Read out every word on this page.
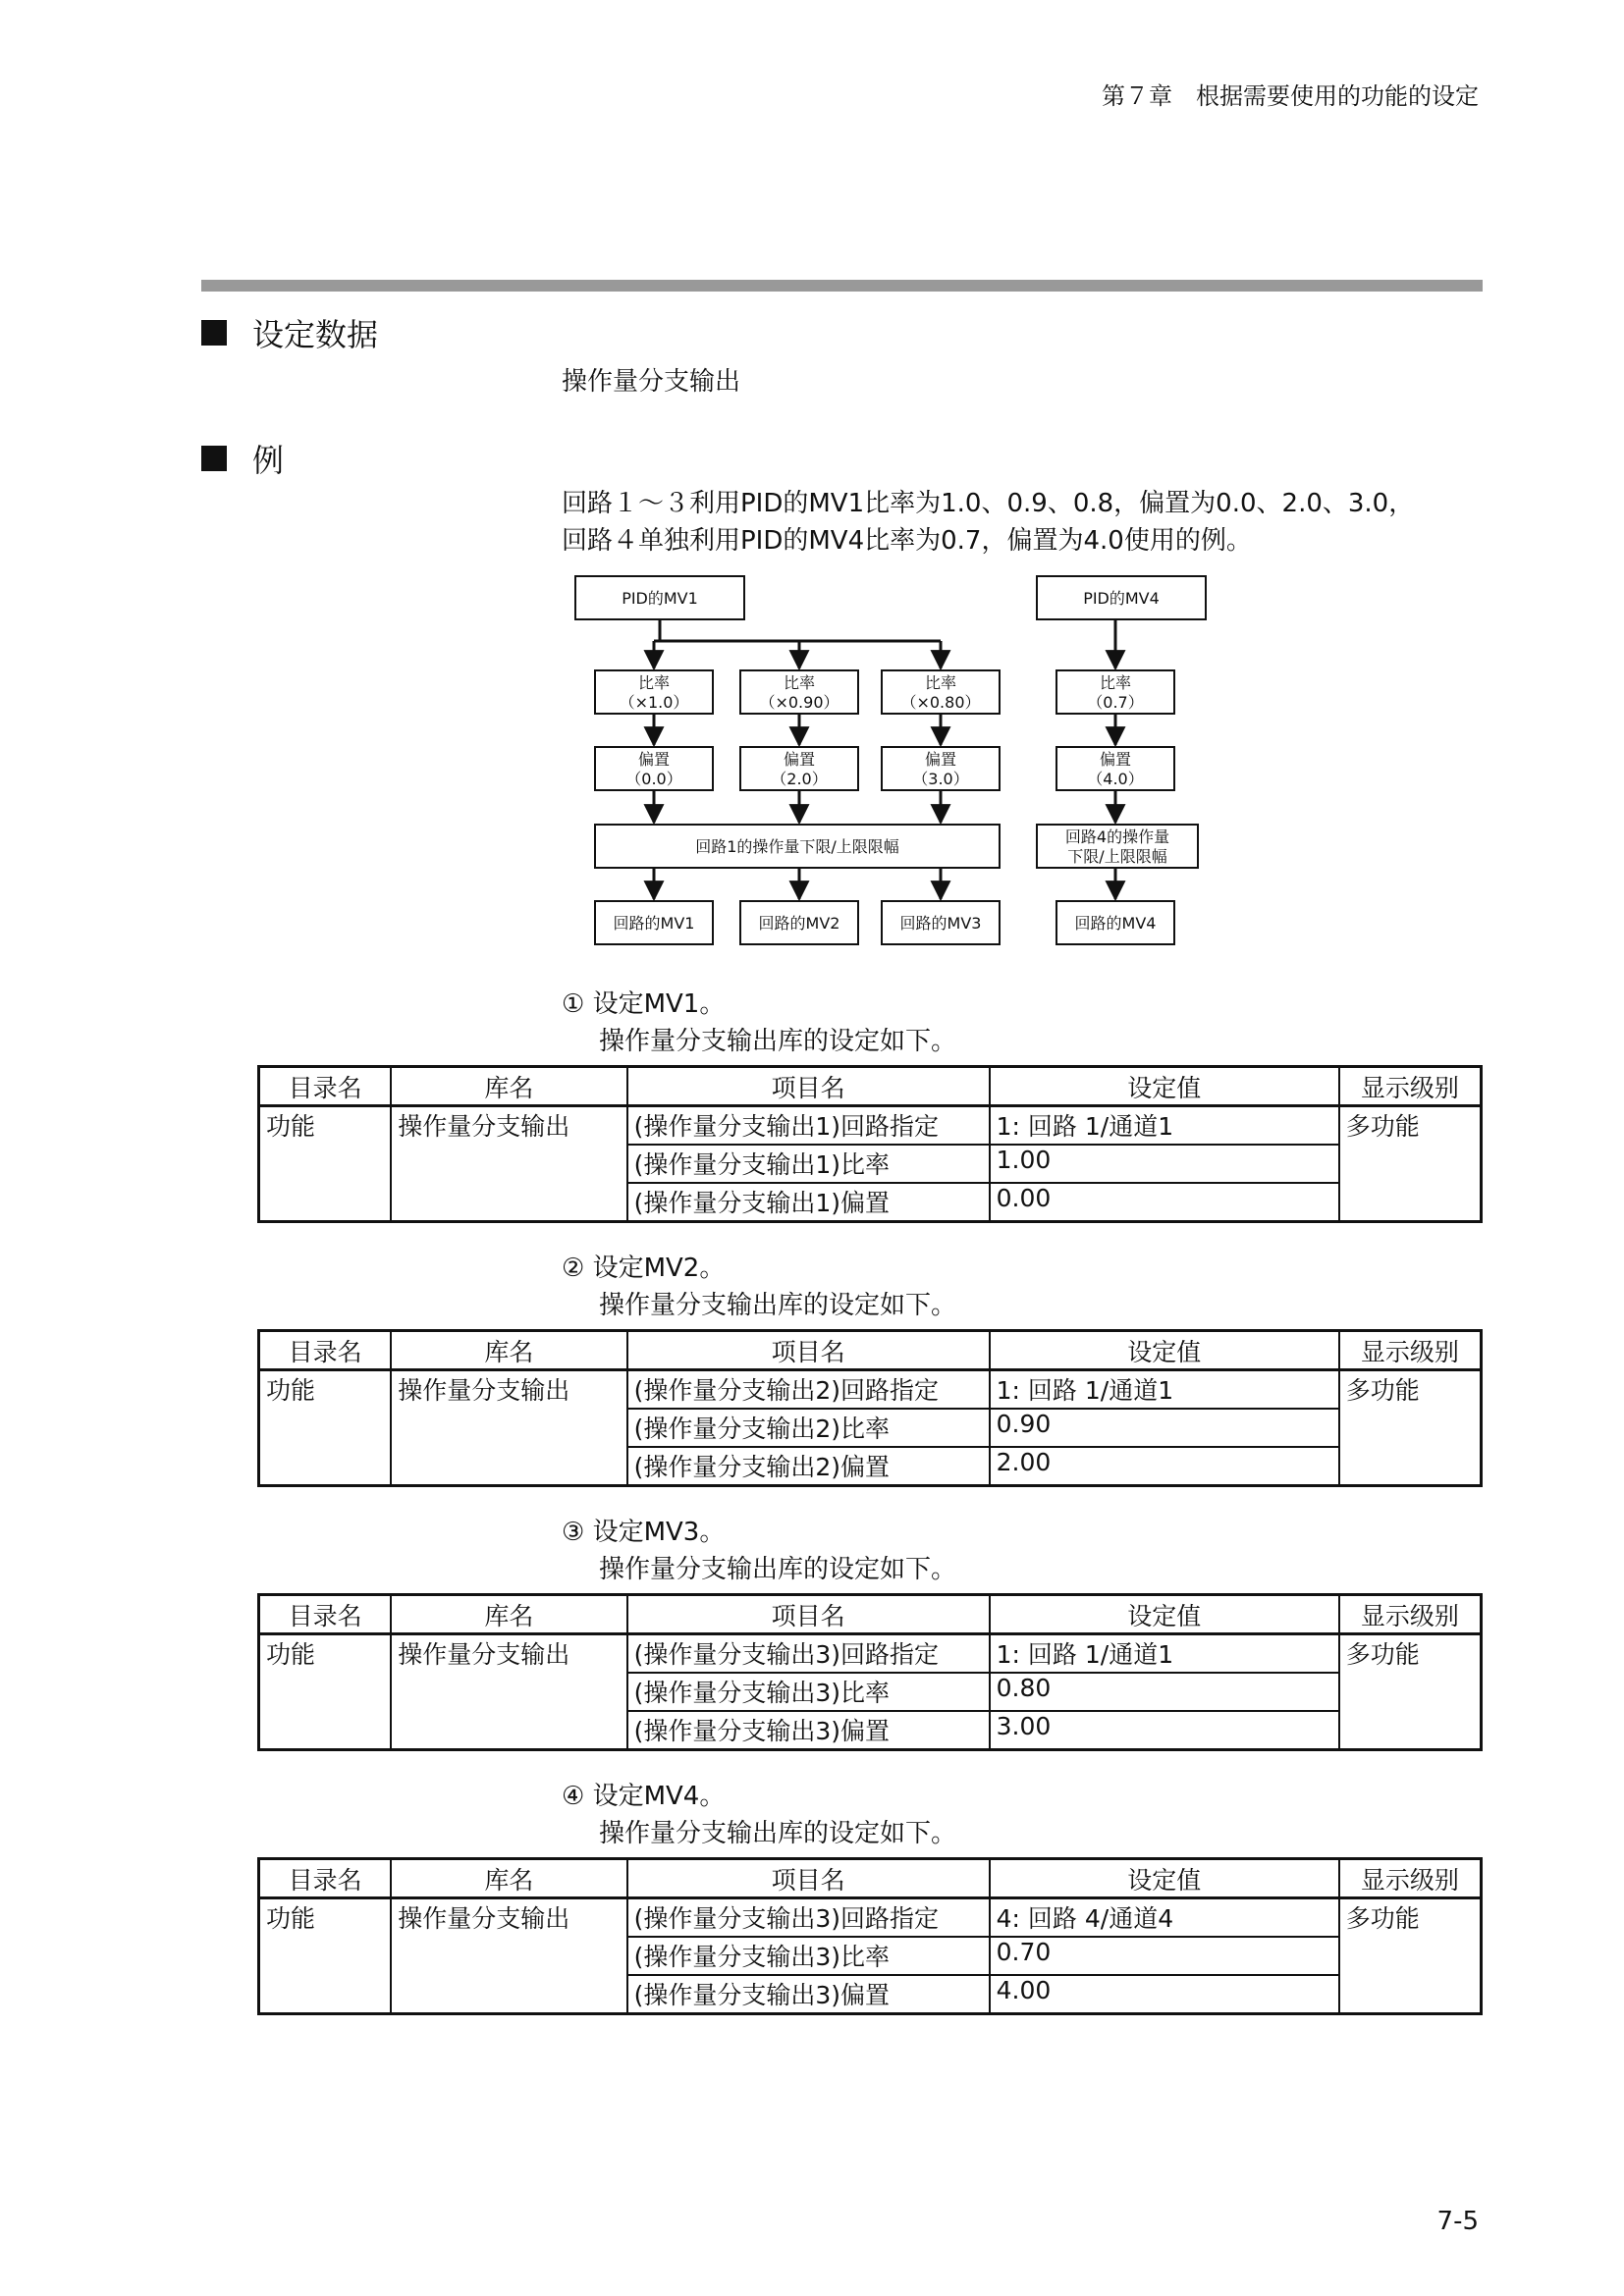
第７章　根据需要使用的功能的设定
设定数据
操作量分支输出
例
回路１～３利用PID的MV1比率为1.0、0.9、0.8，偏置为0.0、2.0、3.0，
回路４单独利用PID的MV4比率为0.7，偏置为4.0使用的例。
PID的MV1	PID的MV4
比率
（×1.0）
比率
（×0.90）
比率
（×0.80）
比率
（0.7）
偏置
（0.0）
偏置
（2.0）
偏置
（3.0）
偏置
（4.0）
回路1的操作量下限/上限限幅
回路4的操作量
下限/上限限幅
回路的MV1	回路的MV2	回路的MV3	回路的MV4
① 设定MV1。
操作量分支输出库的设定如下。
目录名	库名	项目名	设定值	显示级别
功能	操作量分支输出	(操作量分支输出1)回路指定	1: 回路 1/通道1	多功能
		(操作量分支输出1)比率	1.00	
		(操作量分支输出1)偏置	0.00	
② 设定MV2。
操作量分支输出库的设定如下。
目录名	库名	项目名	设定值	显示级别
功能	操作量分支输出	(操作量分支输出2)回路指定	1: 回路 1/通道1	多功能
		(操作量分支输出2)比率	0.90	
		(操作量分支输出2)偏置	2.00	
③ 设定MV3。
操作量分支输出库的设定如下。
目录名	库名	项目名	设定值	显示级别
功能	操作量分支输出	(操作量分支输出3)回路指定	1: 回路 1/通道1	多功能
		(操作量分支输出3)比率	0.80	
		(操作量分支输出3)偏置	3.00	
④ 设定MV4。
操作量分支输出库的设定如下。
目录名	库名	项目名	设定值	显示级别
功能	操作量分支输出	(操作量分支输出3)回路指定	4: 回路 4/通道4	多功能
		(操作量分支输出3)比率	0.70	
		(操作量分支输出3)偏置	4.00	
7-5
